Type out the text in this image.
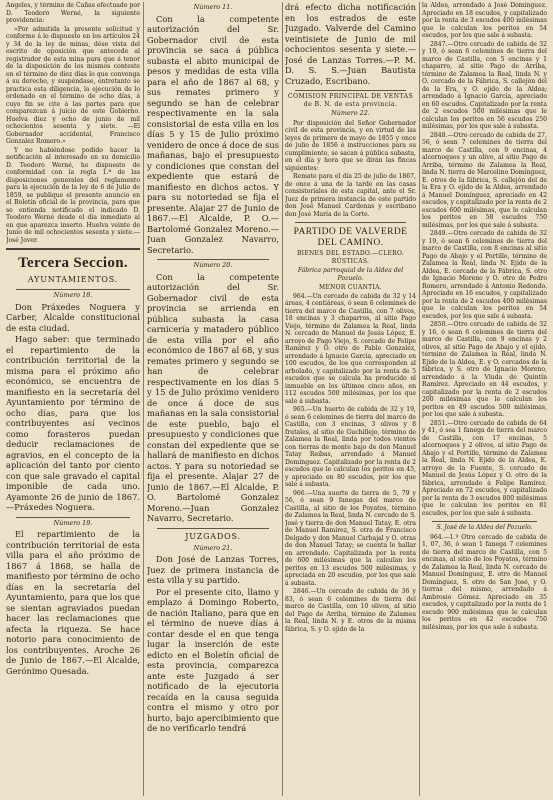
Angeles, y término de Cañas efectuado por D. Teodoro Werné, la siguiente providencia:

«Por admitida la presente solicitud y conforme á lo dispuesto en los artículos 24 y 34 de la ley de minas, dése vista del escrito de oposición que antecede al registrador de esta mina para que á tenor de la disposición de los mismos conteste en el término de diez días lo que convenga á su derecho, y suspéndase, entretanto se practica esta diligencia, la ejecución de lo ordenado en el término de ocho días, á cuyo fin se cite á las partes para que comparezcan á juicio de este Gobierno. Huelva diez y ocho de junio de mil ochocientos sesenta y siete. —El Gobernador accidental, Francisco Gonzalez Romero.»

Y no habiéndose podido hacer la notificación al interesado en su domicilio D. Teodoro Werné, he dispuesto de conformidad con la regla 1.ª de las disposiciones generales del reglamento para la ejecución de la ley de 6 de Julio de 1859, se publique el presente anuncio en el Boletín oficial de la provincia, para que se entienda notificado el indicado D. Teodoro Werné desde el día inmediato al en que aparezca inserto. Huelva veinte de Junio de mil ochocientos sesenta y siete.—José Jover.

Tercera Seccion.
AYUNTAMIENTOS.
Número 18.

Don Práxedes Noguera y Carber, Alcalde constitucional de esta ciudad.

Hago saber: que terminado el repartimiento de la contribución territorial de la misma para el próximo año económico, se encuentra de manifiesto en la secretaría del Ayuntamiento por término de ocho días, para que los contribuyentes así vecinos como forasteros puedan deducir reclamaciones de agravios, en el concepto de la aplicación del tanto por ciento con que sale gravado el capital imponible de cada uno. Ayamonte 26 de junio de 1867.—Práxedes Noguera.

Número 19.

El repartimiento de la contribución territorial de esta villa para el año próximo de 1867 á 1868, se halla de manifiesto por término de ocho días en la secretaría del Ayuntamiento, para que los que se sientan agraviados puedan hacer las reclamaciones que afecta la riqueza. Se hace notorio para conocimiento de los contribuyentes. Aroche 26 de Junio de 1867.—El Alcalde, Gerónimo Quesada.

Número 11.

Con la competente autorización del Sr. Gobernador civil de esta provincia se saca á pública subasta el abito municipal de pesos y medidas de esta villa para el año de 1867 al 68, y sus remates primero y segundo se han de celebrar respectivamente en la sala consistorial de esta villa en los días 5 y 15 de Julio próximo venidero de once á doce de sus mañanas, bajo el presupuesto y condiciones que constan del expediente que estará de manifiesto en dichos actos. Y para su notoriedad se fija el presente. Alajar 27 de Junio de 1867.—El Alcalde, P. O.—Bartolomé Gonzalez Moreno.—Juan Gonzalez Navarro, Secretario.

Número 20.

Con la competente autorización del Sr. Gobernador civil de esta provincia se arrienda en pública subasta la casa carnicería y matadero público de esta villa por el año económico de 1867 al 68, y sus remates primero y segundo se han de celebrar respectivamente en los días 5 y 15 de Julio próximo venidero de once á doce de sus mañanas en la sala consistorial de este pueblo, bajo el presupuesto y condiciones que constan del expediente que se hallará de manifiesto en dichos actos. Y para su notoriedad se fija el presente. Alajar 27 de Junio de 1867.—El Alcalde, P. O. Bartolomé Gonzalez Moreno.—Juan Gonzalez Navarro, Secretario.

JUZGADOS.
Número 21.

Don José de Lanzas Torres, Juez de primera instancia de esta villa y su partido.

Por el presente cito, llamo y emplazo á Domingo Roberto, de nación Italiano, para que en el término de nueve días á contar desde el en que tenga lugar la inserción de este edicto en el Boletín oficial de esta provincia, comparezca ante este Juzgado á ser notificado de la ejecutoria recaída en la causa seguida contra el mismo y otro por hurto, bajo apercibimiento que de no verificarlo tendrá

drá efecto dicha notificación en los estrados de este Juzgado. Valverde del Camino veintisiete de Junio de mil ochocientos sesenta y siete.—José de Lanzas Torres.—P. M. D. S. S.—Juan Bautista Cruzado, Escribano.

COMISION PRINCIPAL DE VENTAS de B. N. de esta provincia.
Número 22.

Por disposición del Señor Gobernador civil de esta provincia, y en virtud de las leyes de primero de mayo de 1855 y once de julio de 1856 é instrucciones para su cumplimiento, se sacan á pública subasta, en el día y hora que se dirán las fincas siguientes:

Remate para el día 25 de julio de 1867, de once á una de la tarde en las casas consistoriales de esta capital, ante el Sr. Juez de primera instancia de este partido don José Manuel Cardenas y escribano don José María de la Corte.

PARTIDO DE VALVERDE DEL CAMINO.
BIENES DEL ESTADO.—CLERO. RÚSTICAS.
Fábrica parroquial de la Aldea del Pozuelo.
MENOR CUANTIA.

964.—Un cercado de cabida de 32 y 14 áreas, 4 centiáreas, ó sean 6 celemines de tierra del marco de Castilla, con 7 olivos, 18 encinas y 3 chaparros, al sitio Pago Viejo, término de Zalamea la Real, linda N. cercado de Manuel de Jesús López, E. arroyo de Pago Viejo, S. cercado de Felipe Ramírez y O. otro de Pablo Gonzalez, arrendado á Ignacio García, apreciado en 100 escudos, de los que corresponden al arbolado, y capitalizado por la renta de 5 escudos que se calcula ha producido el inmueble en los últimos cinco años, en 112 escudos 500 milésimas, por los que sale á subasta.

965.—Un huerto de cabida de 32 y 19, ó sean 6 celemines de tierra del marco de Castilla, con 3 encinas, 3 olivos y 8 frutales, al sitio de Guchillejo, término de Zalamea la Real, linda por todos vientos con tierras de monte bajo de don Manuel Tatay Reibas, arrendado á Manuel Domínguez. Capitalizado por la renta de 2 escudos que le calculan los peritos en 45, y apreciado en 80 escudos, por los que sale á subasta.

966.—Una suerte de tierra de 5, 79 y 56, ó sean 9 fanegas del marco de Castilla, al sitio de los Poyatos, término de Zalamea la Real, linda N. cercado de S. José y tierra de don Manuel Tatay, E. otra de Manuel Ramírez, S. otra de Francisco Delgado y don Manuel Carbajal y O. otras de don Manuel Tatay; se cuenta le hallar en arrendado. Capitalizada por la renta de 600 milésimas que la calculan los peritos en 13 escudos 500 milésimas, y apreciada en 20 escudos, por los que sale á subasta.

2846.—Un cercado de cabida de 36 y 83, ó sean 6 celemines de tierra del marco de Castilla, con 10 olivos, al sitio del Pago de Arriba, término de Zalamea la Real, linda N. y E. otros de la misma fábrica, S. y O. ejido de la

la Aldea, arrendado á José Domínguez. Apreciado en 18 escudos, y capitalizado por la renta de 3 escudos 400 milésimas que le calculan los peritos en 54 escudos, por los que sale á subasta.

2847.—Otro cercado de cabida de 32 y 19, ó sean 6 celemines de tierra del marco de Castilla, con 5 encinas y 1 chaparro, al sitio Pago de Arriba, término de Zalamea la Real, linda N. y O. cercado de la Fábrica, S. callejón del de la Era, y O. ejido de la Aldea; arrendado á Ignacio García, apreciado en 60 escudos. Capitalizado por la renta de 2 escudos 500 milésimas que le calculan los peritos en 56 escudos 250 milésimas, por los que sale á subasta.

2848.—Otro cercado de cabida de 27, 56, ó sean 7 celemines de tierra del marco de Castilla, con 9 encinas, 4 alcornoques y un olivo, al sitio Pago de Arriba, término de Zalamea la Real, linda N. tierra de Marcelino Domínguez, E. otros de la fábrica, S. callejón del de la Era y O. ejido de la Aldea, arrendado á Manuel Domínguez, apreciado en 42 escudos, y capitalizado por la renta de 2 escudos 600 milésimas, que le calculan los peritos en 58 escudos 750 milésimas, por los que sale á subasta.

2849.—Otro cercado de cabida de 32 y 19, ó sean 6 celemines de tierra del marco de Castilla, con 8 encinas al sitio Pago de Abajo y el Portillo, término de Zalamea la Real, linda N. Ejido de la Aldea, E. cercado de la Fábrica, S. otro de Ignacio Moreno y O. otro de Pedro Romero, arrendado á Antonio Redondo. Apreciado en 16 escudos, y capitalizado por la renta de 2 escudos 400 milésimas que le calculan los peritos en 54 escudos, por los que sale á subasta.

2850.—Otro cercado de cabida de 32 y 16, ó sean 6 celemines de tierra del marco de Castilla, con 9 encinas y 2 olivos, al sitio Pago de Abajo y el ejido, término de Zalamea la Real, linda N. Ejido de la Aldea, E. y O. cercados de la fábrica, y S. otro de Ignacio Moreno, arrendado á la Viuda de Quintín Ramírez. Apreciado en 44 escudos, y capitalizado por la renta de 2 escudos 200 milésimas que le calculan los peritos en 49 escudos 500 milésimas, por los que sale á subasta.

2851.—Otro cercado de cabida de 64 y 41, ó sea 1 fanega de tierra del marco de Castilla, con 17 encinas, 5 alcornoques y 2 olivos, al sitio Pago de Abajo y el Portillo, término de Zalamea la Real, linda N. Ejido de la Aldea, E. arroyo de la Fuente, S. cercado de Manuel de Jesús López y O. otro de la fábrica, arrendado á Felipe Ramírez. Apreciado en 72 escudos, y capitalizado por la renta de 3 escudos 800 milésimas que le calculan los peritos en 81 escudos, por los que sale á subasta.

S. José de la Aldea del Pozuelo.

964.—1.º Otro cercado de cabida de 1, 07, 36, ó sean 1 fanega 7 celemines de tierra del marco de Castilla, con 5 encinas, al sitio de los Poyatos, término de Zalamea la Real, linda N. cercado de Manuel Domínguez, E. otro de Manuel Domínguez, S. otro de San José, y O. tierras del mismo, arrendado á Ambrosio Gómez. Apreciado en 35 escudos, y capitalizado por la renta de 1 escudo 900 milésimas que le calculan los peritos en 42 escudos 750 milésimas, por los que sale á subasta.
